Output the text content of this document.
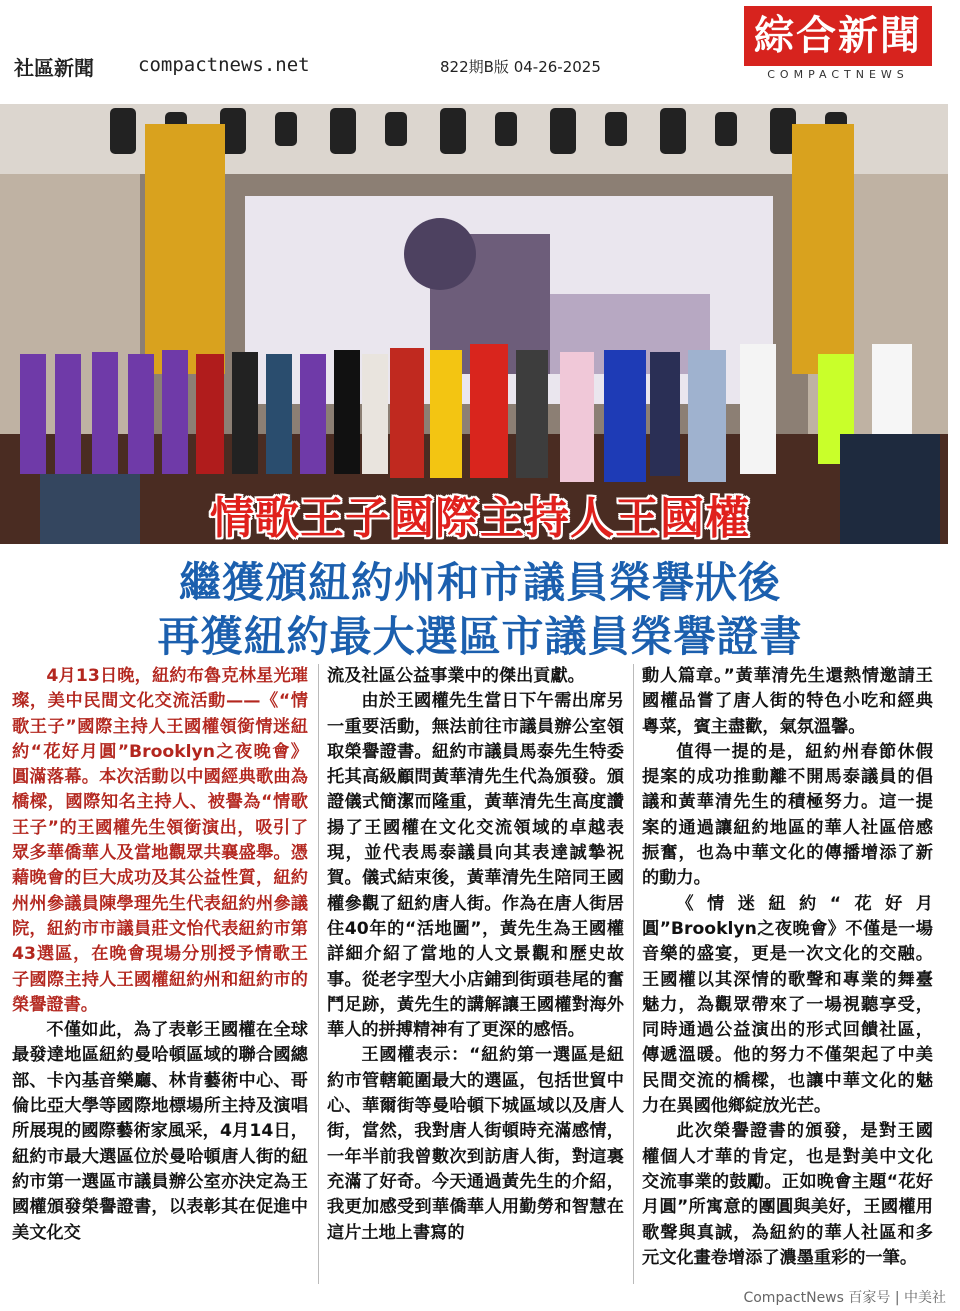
社區新聞 compactnews.net	822期B版 04-26-2025
綜合新聞
COMPACTNEWS
情歌王子國際主持人王國權
繼獲頒紐約州和市議員榮譽狀後
再獲紐約最大選區市議員榮譽證書

4月13日晚，紐約布魯克林星光璀璨，美中民間文化交流活動——《“情歌王子”國際主持人王國權領銜情迷紐約“花好月圓”Brooklyn之夜晚會》圓滿落幕。本次活動以中國經典歌曲為橋樑，國際知名主持人、被譽為“情歌王子”的王國權先生領銜演出，吸引了眾多華僑華人及當地觀眾共襄盛舉。憑藉晚會的巨大成功及其公益性質，紐約州州參議員陳學理先生代表紐約州參議院，紐約市市議員莊文怡代表紐約市第43選區，在晚會現場分別授予情歌王子國際主持人王國權紐約州和紐約市的榮譽證書。

不僅如此，為了表彰王國權在全球最發達地區紐約曼哈頓區域的聯合國總部、卡內基音樂廳、林肯藝術中心、哥倫比亞大學等國際地標場所主持及演唱所展現的國際藝術家風采，4月14日，紐約市最大選區位於曼哈頓唐人街的紐約市第一選區市議員辦公室亦決定為王國權頒發榮譽證書，以表彰其在促進中美文化交

流及社區公益事業中的傑出貢獻。

由於王國權先生當日下午需出席另一重要活動，無法前往市議員辦公室領取榮譽證書。紐約市議員馬泰先生特委托其高級顧問黃華清先生代為頒發。頒證儀式簡潔而隆重，黃華清先生高度讚揚了王國權在文化交流領域的卓越表現，並代表馬泰議員向其表達誠摯祝賀。儀式結束後，黃華清先生陪同王國權參觀了紐約唐人街。作為在唐人街居住40年的“活地圖”，黃先生為王國權詳細介紹了當地的人文景觀和歷史故事。從老字型大小店鋪到街頭巷尾的奮鬥足跡，黃先生的講解讓王國權對海外華人的拼搏精神有了更深的感悟。

王國權表示：“紐約第一選區是紐約市管轄範圍最大的選區，包括世貿中心、華爾街等曼哈頓下城區域以及唐人街，當然，我對唐人街頓時充滿感情，一年半前我曾數次到訪唐人街，對這裏充滿了好奇。今天通過黃先生的介紹，我更加感受到華僑華人用勤勞和智慧在這片土地上書寫的

動人篇章。”黃華清先生還熱情邀請王國權品嘗了唐人街的特色小吃和經典粵菜，賓主盡歡，氣氛溫馨。

值得一提的是，紐約州春節休假提案的成功推動離不開馬泰議員的倡議和黃華清先生的積極努力。這一提案的通過讓紐約地區的華人社區倍感振奮，也為中華文化的傳播增添了新的動力。

《情迷紐約“花好月圓”Brooklyn之夜晚會》不僅是一場音樂的盛宴，更是一次文化的交融。王國權以其深情的歌聲和專業的舞臺魅力，為觀眾帶來了一場視聽享受，同時通過公益演出的形式回饋社區，傳遞溫暖。他的努力不僅架起了中美民間交流的橋樑，也讓中華文化的魅力在異國他鄉綻放光芒。

此次榮譽證書的頒發，是對王國權個人才華的肯定，也是對美中文化交流事業的鼓勵。正如晚會主題“花好月圓”所寓意的團圓與美好，王國權用歌聲與真誠，為紐約的華人社區和多元文化畫卷增添了濃墨重彩的一筆。

CompactNews 百家号 | 中美社
